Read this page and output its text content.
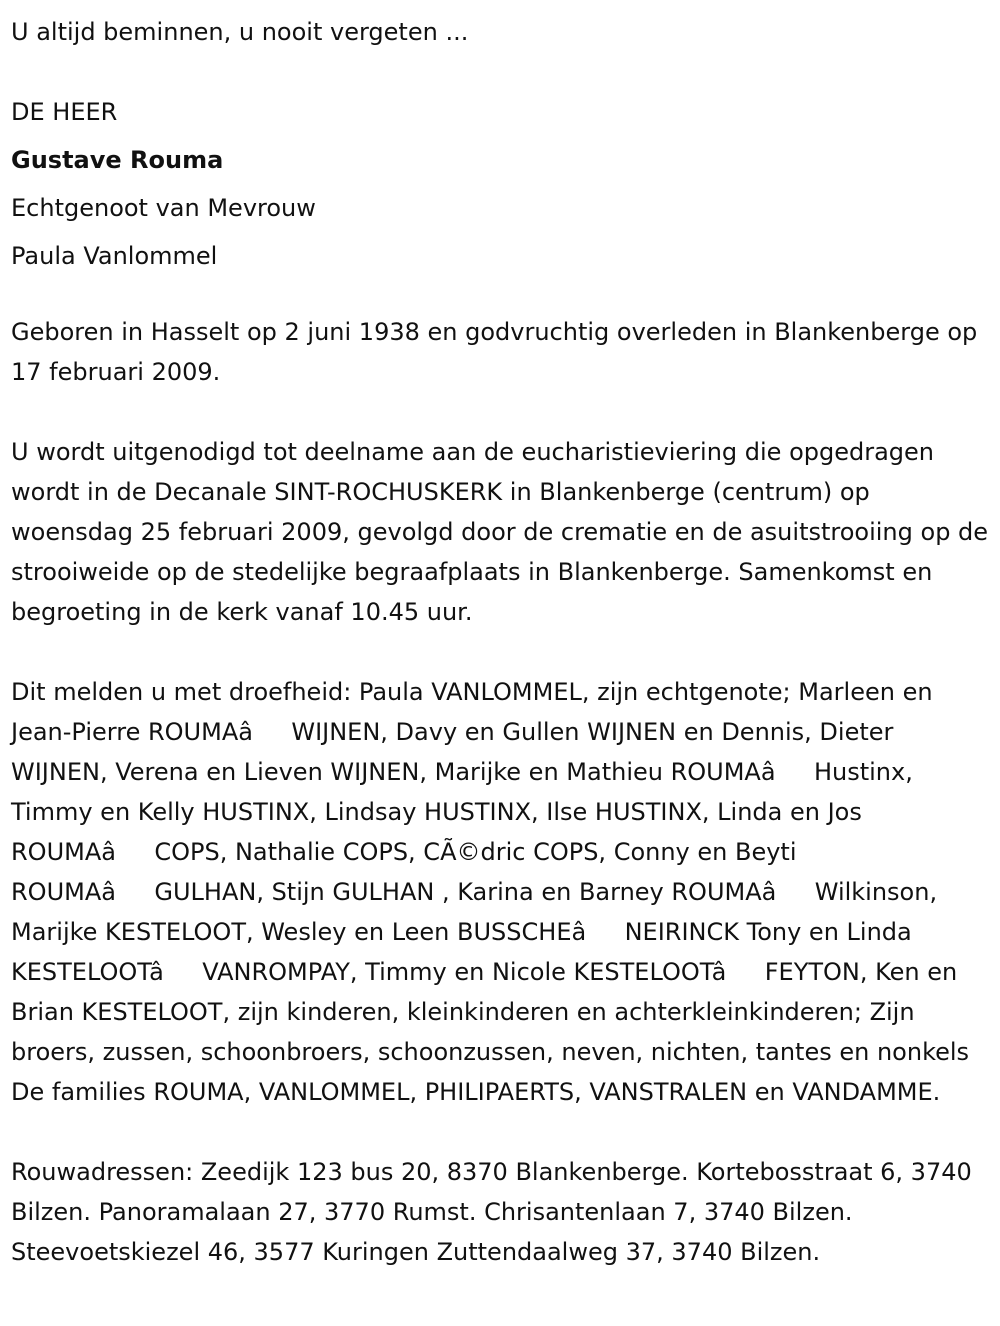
U altijd beminnen, u nooit vergeten ...

DE HEER

Gustave Rouma

Echtgenoot van Mevrouw

Paula Vanlommel

Geboren in Hasselt op 2 juni 1938 en godvruchtig overleden in Blankenberge op 17 februari 2009.

U wordt uitgenodigd tot deelname aan de eucharistieviering die opgedragen wordt in de Decanale SINT-ROCHUSKERK in Blankenberge (centrum) op woensdag 25 februari 2009, gevolgd door de crematie en de asuitstrooiing op de strooiweide op de stedelijke begraafplaats in Blankenberge. Samenkomst en begroeting in de kerk vanaf 10.45 uur.

Dit melden u met droefheid: Paula VANLOMMEL, zijn echtgenote; Marleen en Jean-Pierre ROUMAâWIJNEN, Davy en Gullen WIJNEN en Dennis, Dieter WIJNEN, Verena en Lieven WIJNEN, Marijke en Mathieu ROUMAâHustinx, Timmy en Kelly HUSTINX, Lindsay HUSTINX, Ilse HUSTINX, Linda en Jos ROUMAâCOPS, Nathalie COPS, CÃ©dric COPS, Conny en Beyti ROUMAâGULHAN, Stijn GULHAN , Karina en Barney ROUMAâWilkinson, Marijke KESTELOOT, Wesley en Leen BUSSCHEâNEIRINCK Tony en Linda KESTELOOTâVANROMPAY, Timmy en Nicole KESTELOOTâFEYTON, Ken en Brian KESTELOOT, zijn kinderen, kleinkinderen en achterkleinkinderen; Zijn broers, zussen, schoonbroers, schoonzussen, neven, nichten, tantes en nonkels De families ROUMA, VANLOMMEL, PHILIPAERTS, VANSTRALEN en VANDAMME.

Rouwadressen: Zeedijk 123 bus 20, 8370 Blankenberge. Kortebosstraat 6, 3740 Bilzen. Panoramalaan 27, 3770 Rumst. Chrisantenlaan 7, 3740 Bilzen. Steevoetskiezel 46, 3577 Kuringen Zuttendaalweg 37, 3740 Bilzen.
